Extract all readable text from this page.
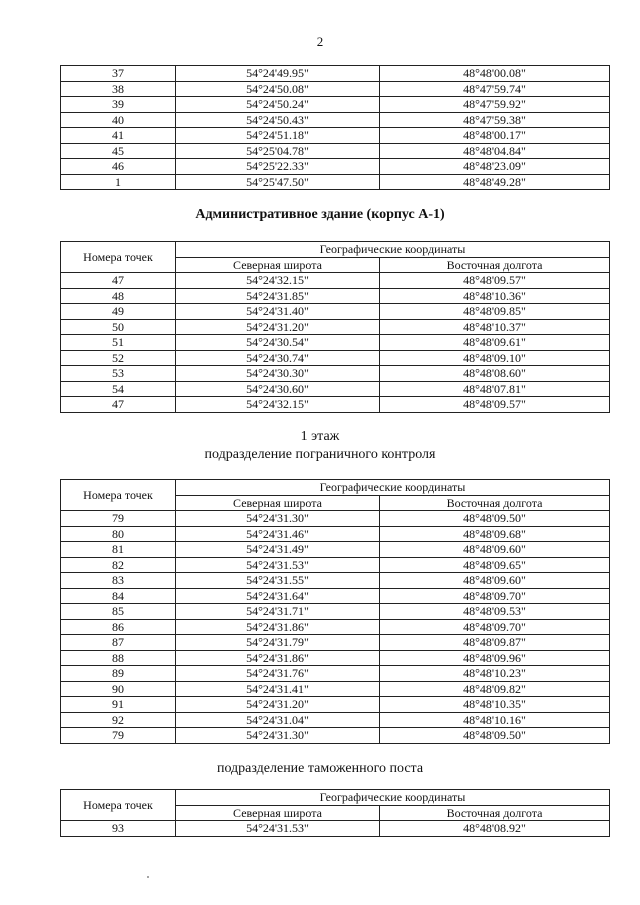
2
37	54°24'49.95"	48°48'00.08"
38	54°24'50.08"	48°47'59.74"
39	54°24'50.24"	48°47'59.92"
40	54°24'50.43"	48°47'59.38"
41	54°24'51.18"	48°48'00.17"
45	54°25'04.78"	48°48'04.84"
46	54°25'22.33"	48°48'23.09"
1	54°25'47.50"	48°48'49.28"
Административное здание (корпус А-1)
Номера точек	Географические координаты	
	Северная широта	Восточная долгота
47	54°24'32.15"	48°48'09.57"
48	54°24'31.85"	48°48'10.36"
49	54°24'31.40"	48°48'09.85"
50	54°24'31.20"	48°48'10.37"
51	54°24'30.54"	48°48'09.61"
52	54°24'30.74"	48°48'09.10"
53	54°24'30.30"	48°48'08.60"
54	54°24'30.60"	48°48'07.81"
47	54°24'32.15"	48°48'09.57"
1 этаж
подразделение пограничного контроля
Номера точек	Географические координаты	
	Северная широта	Восточная долгота
79	54°24'31.30"	48°48'09.50"
80	54°24'31.46"	48°48'09.68"
81	54°24'31.49"	48°48'09.60"
82	54°24'31.53"	48°48'09.65"
83	54°24'31.55"	48°48'09.60"
84	54°24'31.64"	48°48'09.70"
85	54°24'31.71"	48°48'09.53"
86	54°24'31.86"	48°48'09.70"
87	54°24'31.79"	48°48'09.87"
88	54°24'31.86"	48°48'09.96"
89	54°24'31.76"	48°48'10.23"
90	54°24'31.41"	48°48'09.82"
91	54°24'31.20"	48°48'10.35"
92	54°24'31.04"	48°48'10.16"
79	54°24'31.30"	48°48'09.50"
подразделение таможенного поста
Номера точек	Географические координаты	
	Северная широта	Восточная долгота
93	54°24'31.53"	48°48'08.92"
